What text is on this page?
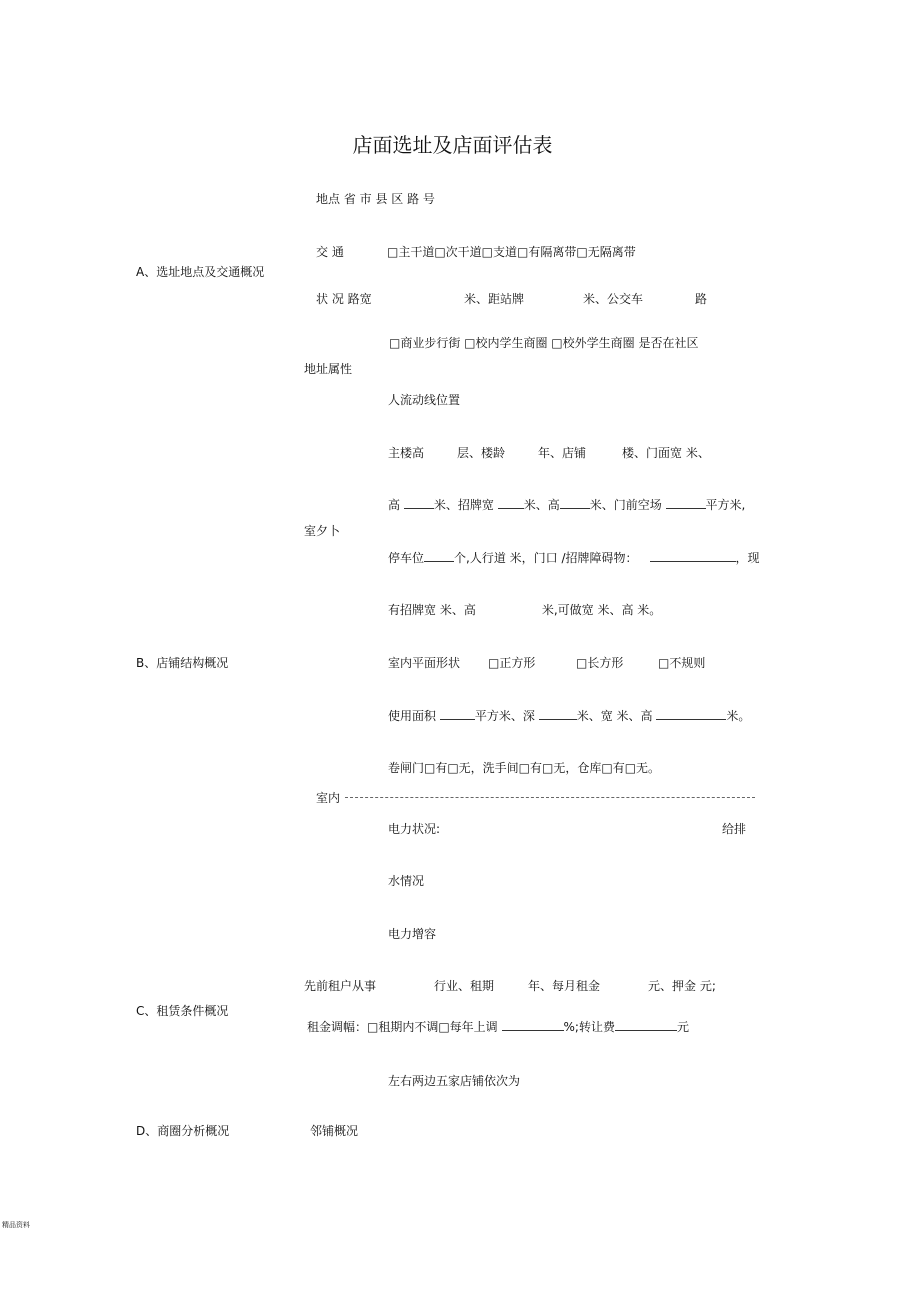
店面选址及店面评估表
地点 省 市 县 区 路 号
A、选址地点及交通概况
交 通	□主干道□次干道□支道□有隔离带□无隔离带
状 况 路宽	米、距站牌	米、公交车	路
□商业步行街 □校内学生商圈 □校外学生商圈 是否在社区
地址属性
人流动线位置
主楼高	层、楼龄	年、店铺	楼、门面宽 米、
高	米、招牌宽 米、高	米、门前空场	平方米,
室夕卜
停车位	个,人行道 米，门口 /招牌障碍物：	，现
有招牌宽 米、高	米,可做宽 米、高 米。
B、店铺结构概况	室内平面形状 □正方形	□长方形	□不规则
使用面积	平方米、深	米、宽 米、高	米。
卷闸门□有□无，洗手间□有□无，仓库□有□无。
室内
电力状况:	给排
水情况
电力增容
先前租户从事	行业、租期	年、每月租金	元、押金 元;
C、租赁条件概况
租金调幅：□租期内不调□每年上调	%;转让费	元
左右两边五家店铺依次为
D、商圈分析概况	邻铺概况
精品资料
